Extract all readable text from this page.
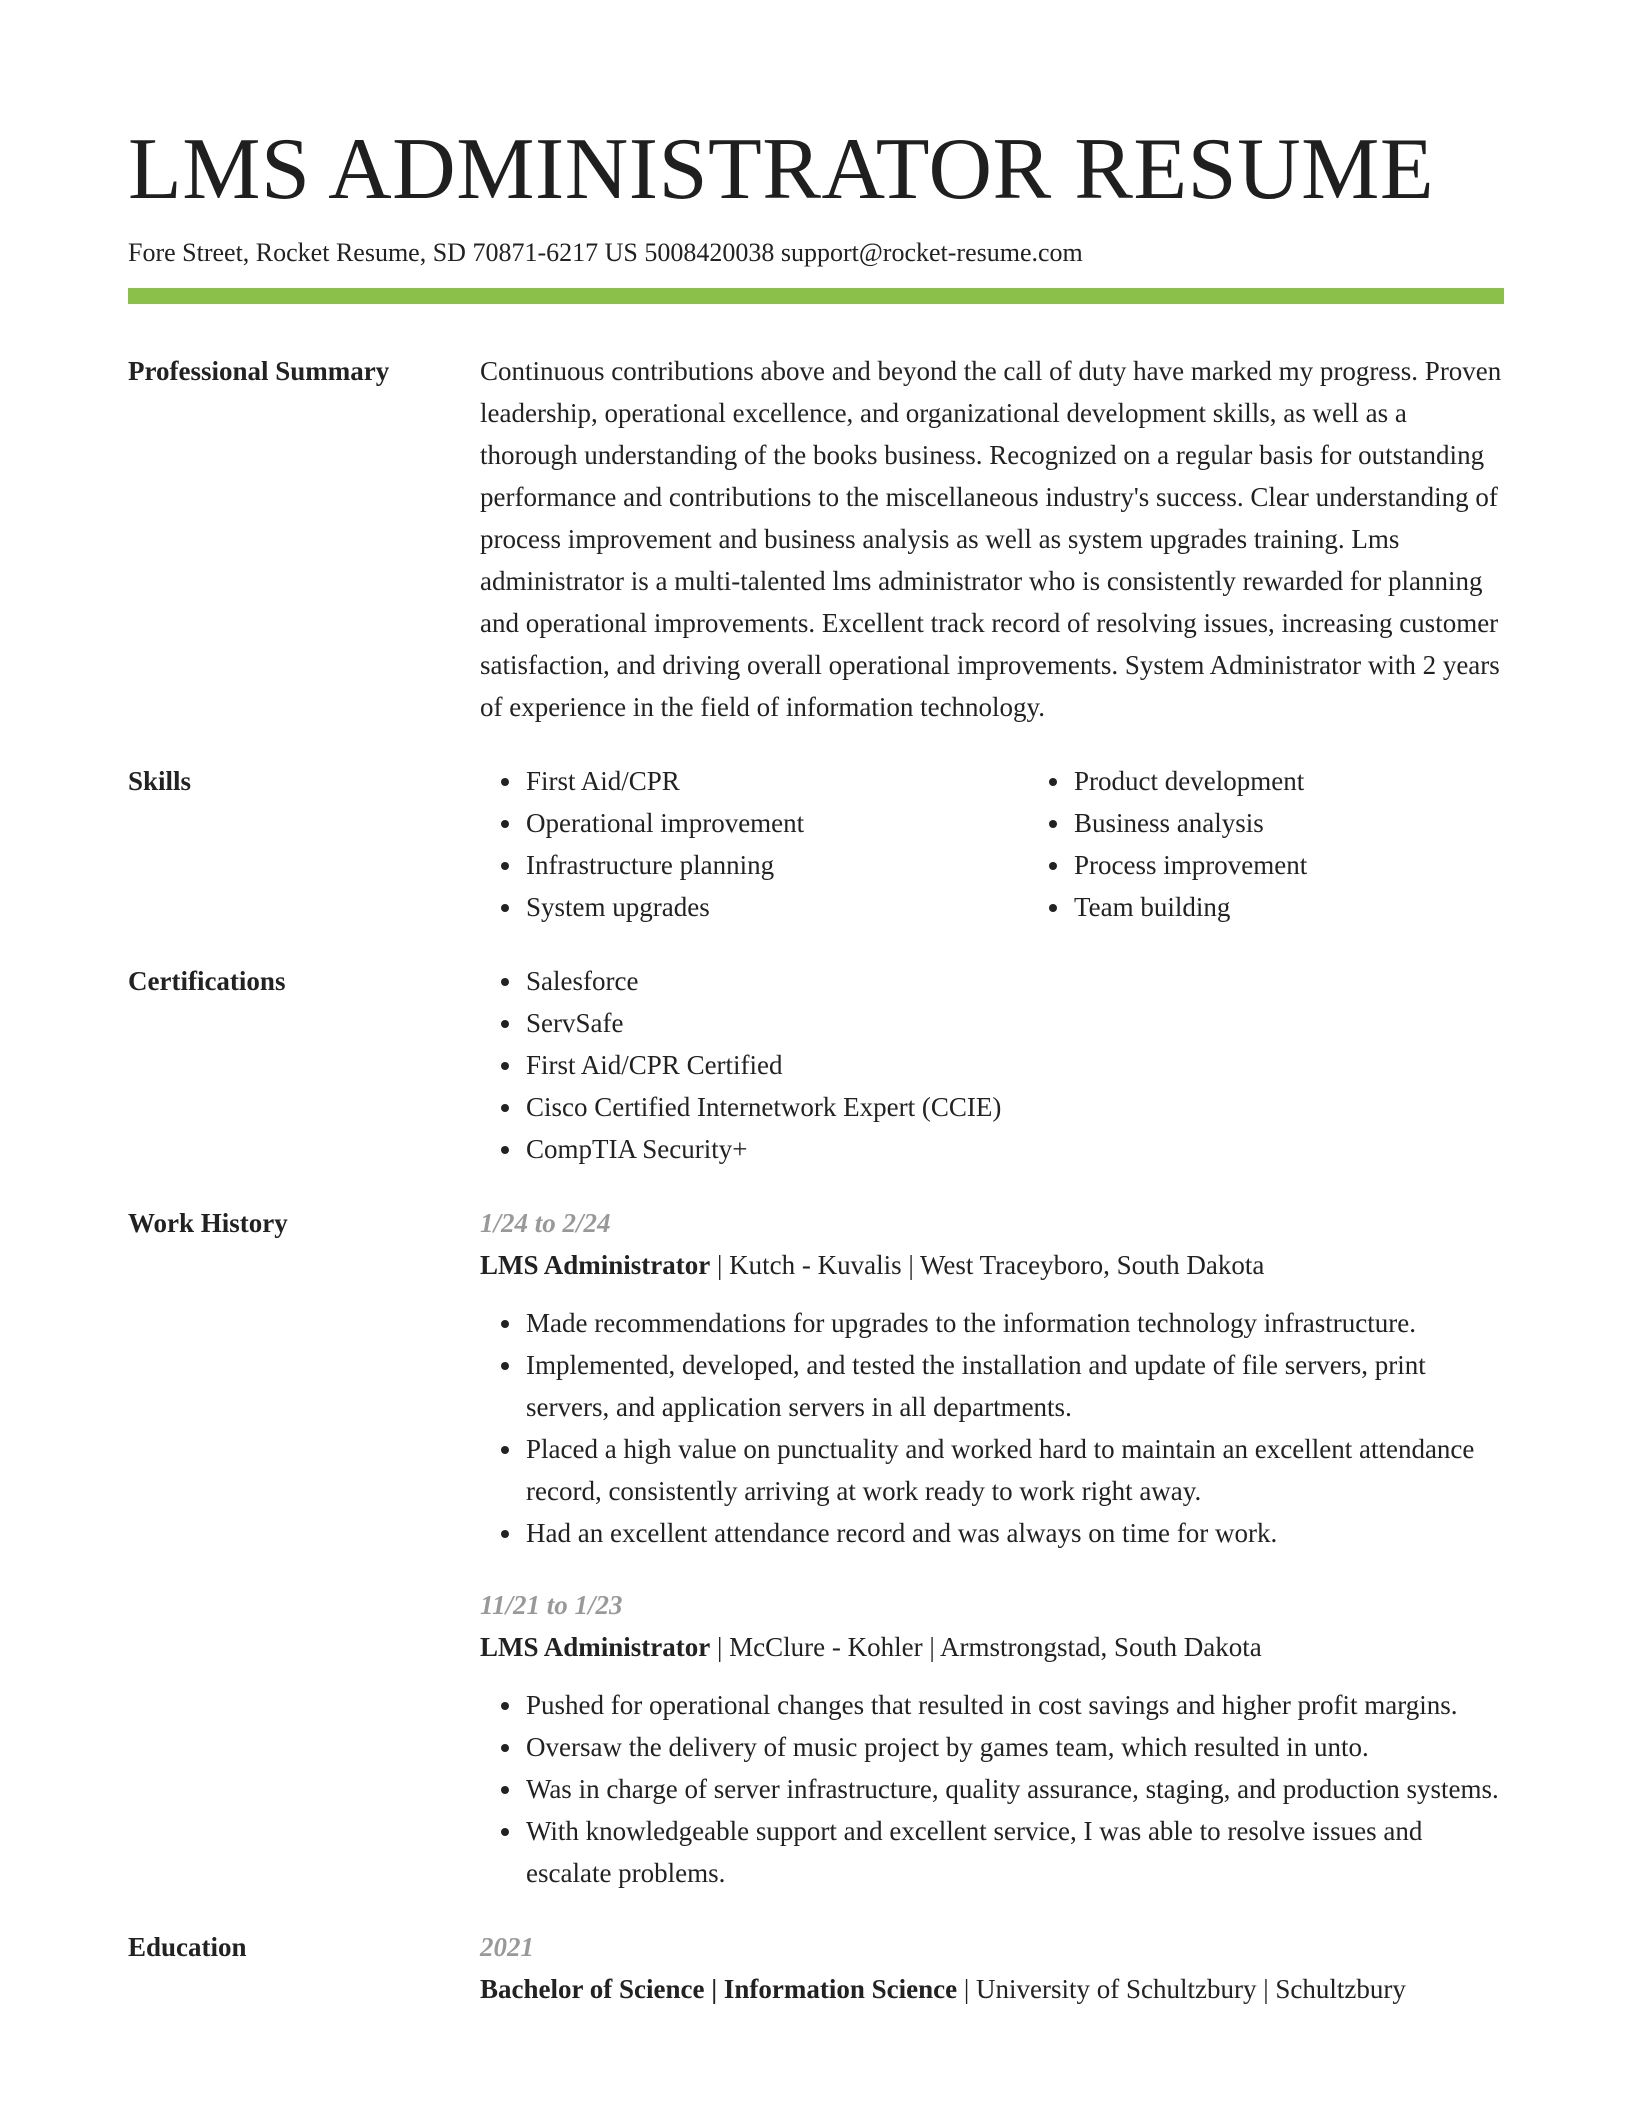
LMS ADMINISTRATOR RESUME
Fore Street, Rocket Resume, SD 70871-6217 US 5008420038 support@rocket-resume.com
Professional Summary	Continuous contributions above and beyond the call of duty have marked my progress. Proven leadership, operational excellence, and organizational development skills, as well as a thorough understanding of the books business. Recognized on a regular basis for outstanding performance and contributions to the miscellaneous industry's success. Clear understanding of process improvement and business analysis as well as system upgrades training. Lms administrator is a multi-talented lms administrator who is consistently rewarded for planning and operational improvements. Excellent track record of resolving issues, increasing customer satisfaction, and driving overall operational improvements. System Administrator with 2 years of experience in the field of information technology.

Skills	• First Aid/CPR
• Operational improvement
• Infrastructure planning
• System upgrades
• Product development
• Business analysis
• Process improvement
• Team building
Certifications	• Salesforce
• ServSafe
• First Aid/CPR Certified
• Cisco Certified Internetwork Expert (CCIE)
• CompTIA Security+
Work History	1/24 to 2/24
LMS Administrator | Kutch - Kuvalis | West Traceyboro, South Dakota
• Made recommendations for upgrades to the information technology infrastructure.
• Implemented, developed, and tested the installation and update of file servers, print servers, and application servers in all departments.
• Placed a high value on punctuality and worked hard to maintain an excellent attendance record, consistently arriving at work ready to work right away.
• Had an excellent attendance record and was always on time for work.
11/21 to 1/23
LMS Administrator | McClure - Kohler | Armstrongstad, South Dakota
• Pushed for operational changes that resulted in cost savings and higher profit margins.
• Oversaw the delivery of music project by games team, which resulted in unto.
• Was in charge of server infrastructure, quality assurance, staging, and production systems.
• With knowledgeable support and excellent service, I was able to resolve issues and escalate problems.
Education	2021
Bachelor of Science | Information Science | University of Schultzbury | Schultzbury
